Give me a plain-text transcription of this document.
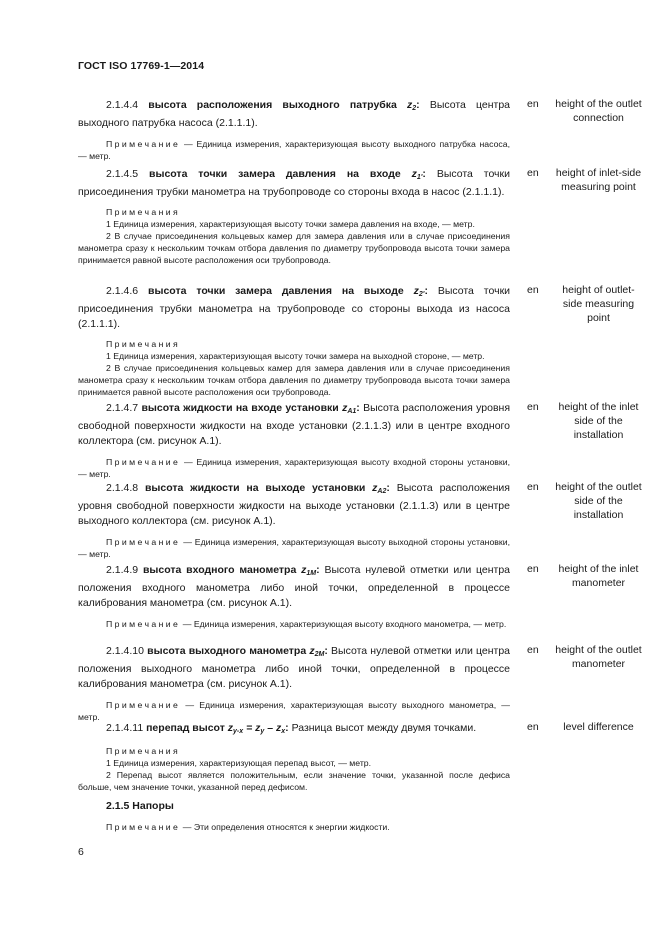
ГОСТ ISO 17769-1—2014

2.1.4.4 высота расположения выходного патрубка $z_2$: Высота центра выходного патрубка насоса (2.1.1.1).

Примечание — Единица измерения, характеризующая высоту выходного патрубка насоса, — метр.

en height of the outlet connection

2.1.4.5 высота точки замера давления на входе $z_{1'}$: Высота точки присоединения трубки манометра на трубопроводе со стороны входа в насос (2.1.1.1).

Примечания

1 Единица измерения, характеризующая высоту точки замера давления на входе, — метр.

2 В случае присоединения кольцевых камер для замера давления или в случае присоединения манометра сразу к нескольким точкам отбора давления по диаметру трубопровода высота точки замера принимается равной высоте расположения оси трубопровода.

en height of inlet-side measuring point

2.1.4.6 высота точки замера давления на выходе $z_{2'}$: Высота точки присоединения трубки манометра на трубопроводе со стороны выхода из насоса (2.1.1.1).

Примечания

1 Единица измерения, характеризующая высоту точки замера на выходной стороне, — метр.

2 В случае присоединения кольцевых камер для замера давления или в случае присоединения манометра сразу к нескольким точкам отбора давления по диаметру трубопровода высота точки замера принимается равной высоте расположения оси трубопровода.

en	height of outlet-side measuring point

2.1.4.7 высота жидкости на входе установки $z_{A1}$: Высота расположения уровня свободной поверхности жидкости на входе установки (2.1.1.3) или в центре входного коллектора (см. рисунок А.1).

Примечание — Единица измерения, характеризующая высоту входной стороны установки, — метр.

en	height of the inlet side of the installation

2.1.4.8 высота жидкости на выходе установки $z_{A2}$: Высота расположения уровня свободной поверхности жидкости на выходе установки (2.1.1.3) или в центре выходного коллектора (см. рисунок А.1).

Примечание — Единица измерения, характеризующая высоту выходной стороны установки, — метр.

en height of the outlet side of the installation

2.1.4.9 высота входного манометра $z_{1M}$: Высота нулевой отметки или центра положения входного манометра либо иной точки, определенной в процессе калибрования манометра (см. рисунок А.1).

Примечание — Единица измерения, характеризующая высоту входного манометра, — метр.

en	height of the inlet manometer

2.1.4.10 высота выходного манометра $z_{2M}$: Высота нулевой отметки или центра положения выходного манометра либо иной точки, определенной в процессе калибрования манометра (см. рисунок А.1).

Примечание — Единица измерения, характеризующая высоту выходного манометра, — метр.

en height of the outlet manometer

2.1.4.11 перепад высот $z_{y-x} = z_y - z_x$: Разница высот между двумя точками.

Примечания

1 Единица измерения, характеризующая перепад высот, — метр.

2 Перепад высот является положительным, если значение точки, указанной после дефиса больше, чем значение точки, указанной перед дефисом.

en	level difference
2.1.5 Напоры
Примечание — Эти определения относятся к энергии жидкости.
6
